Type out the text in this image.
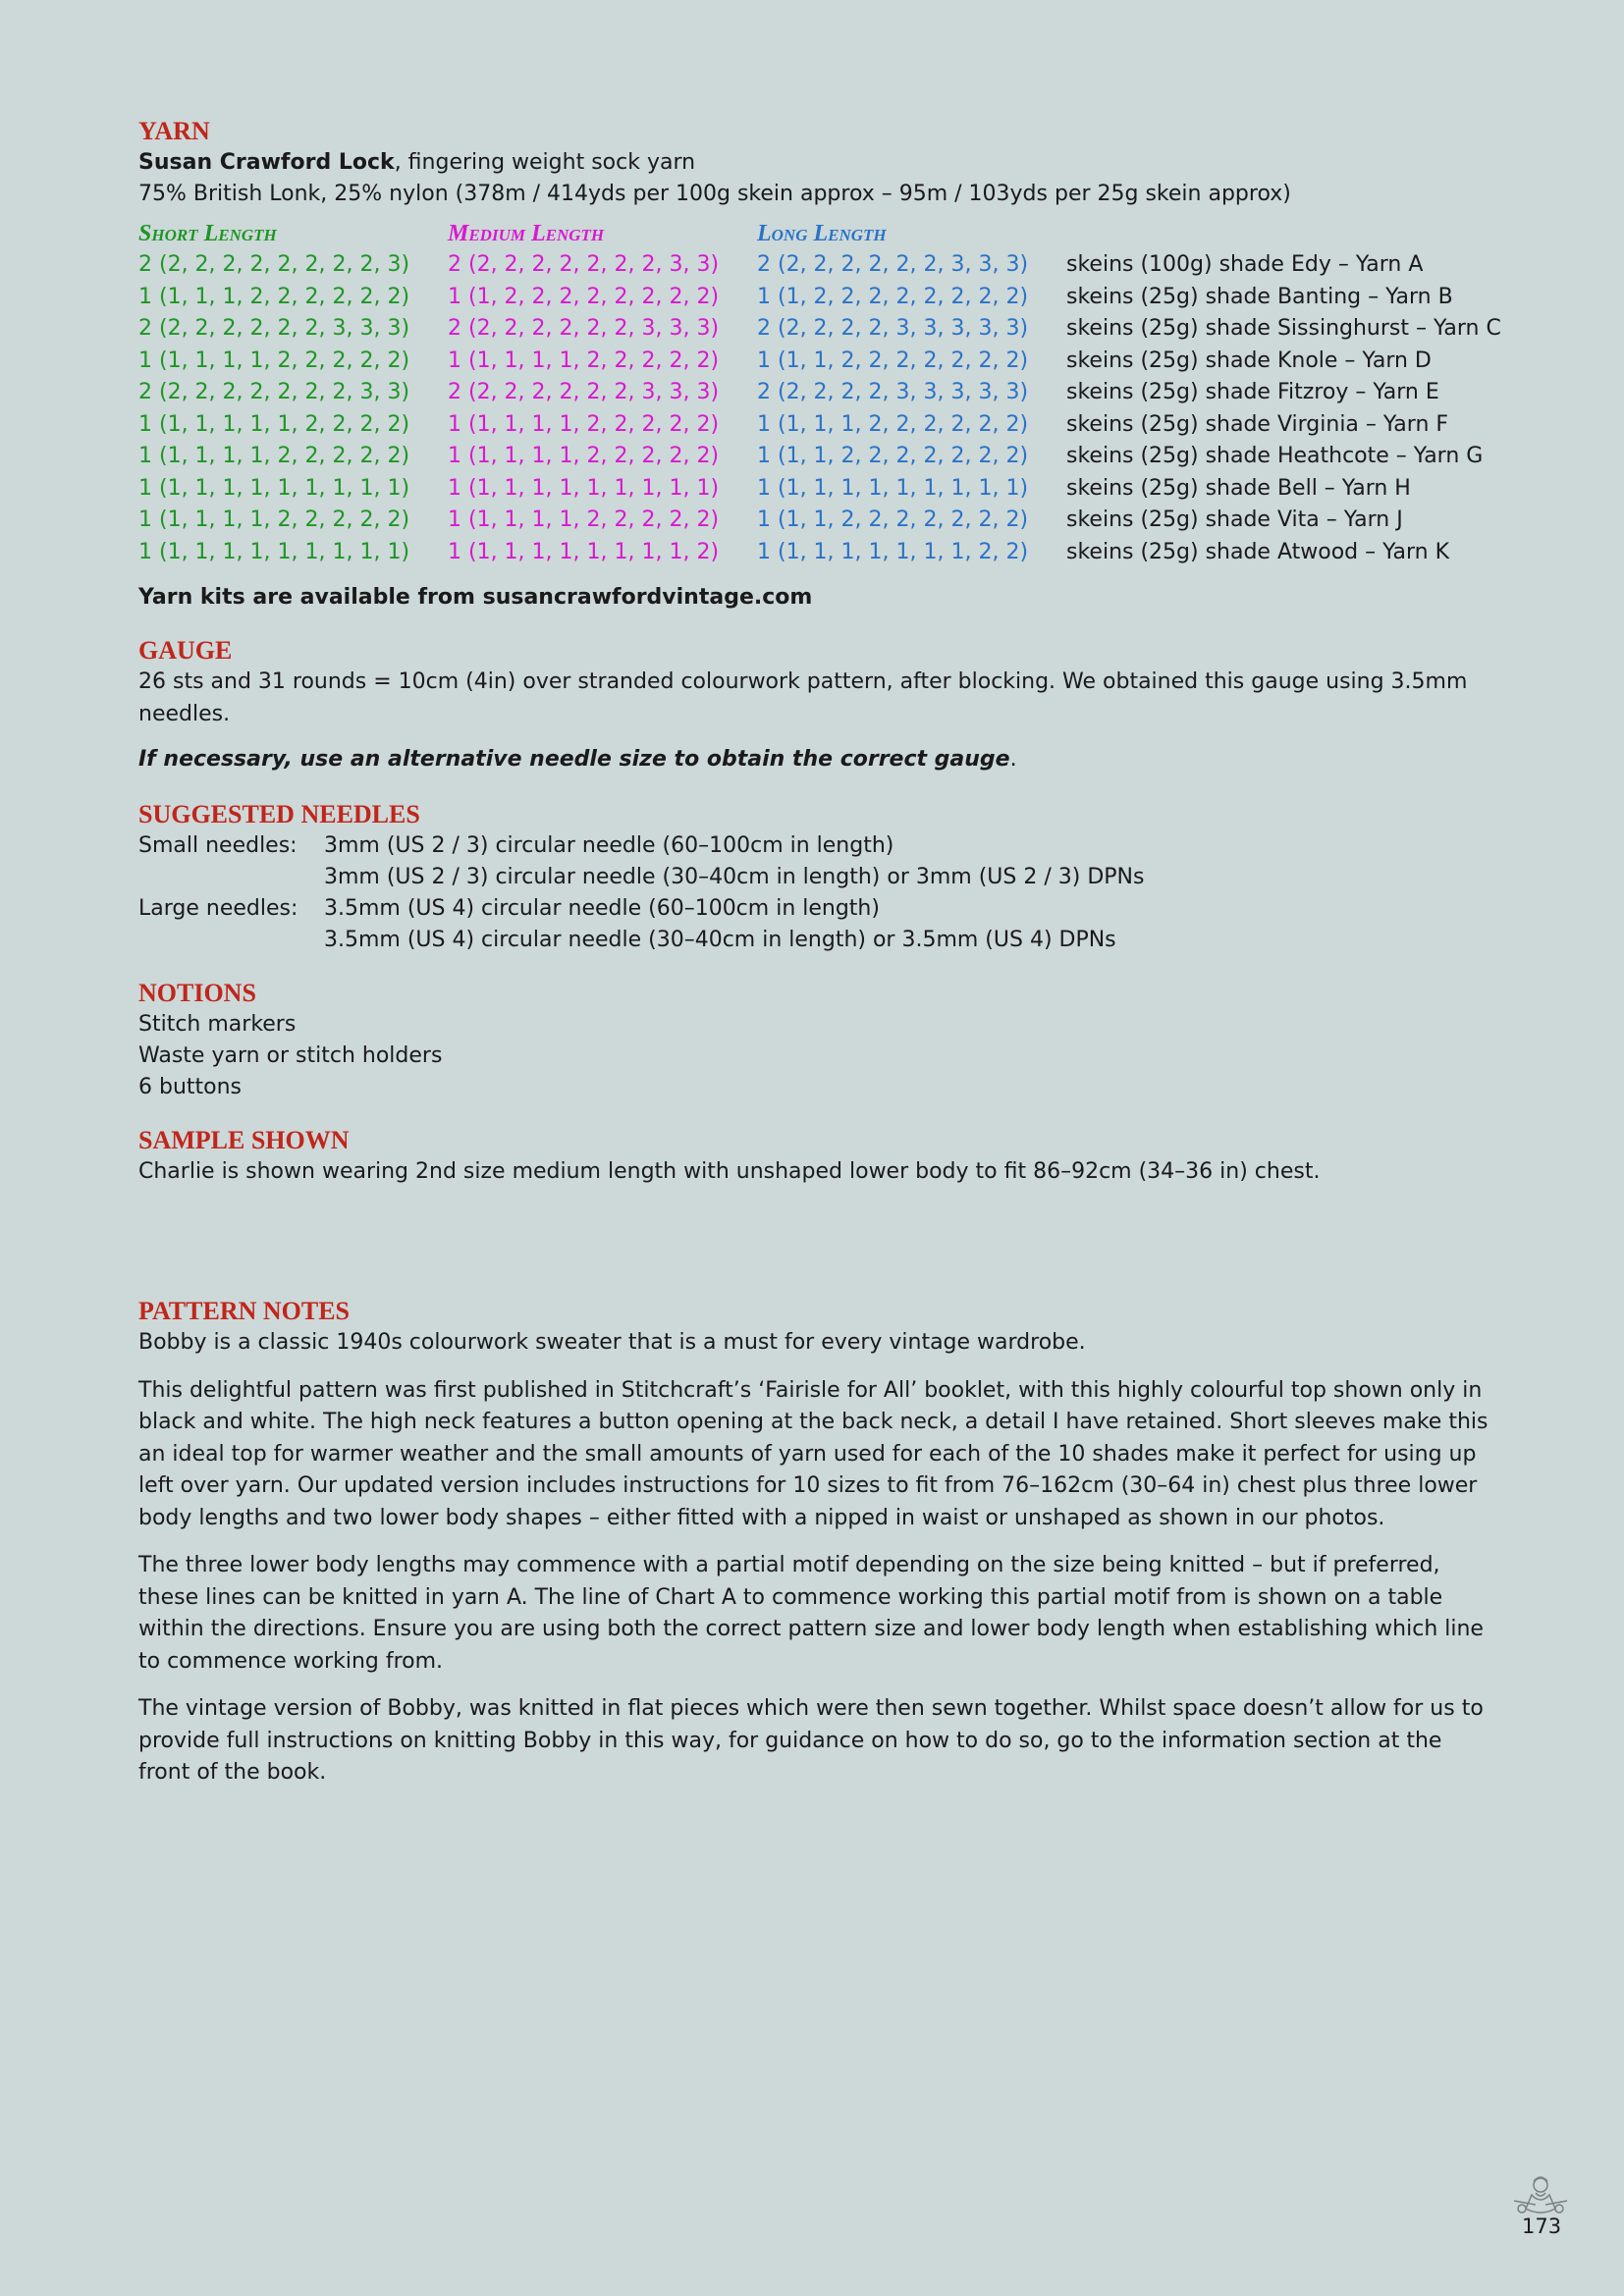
YARN

Susan Crawford Lock, fingering weight sock yarn

75% British Lonk, 25% nylon (378m / 414yds per 100g skein approx – 95m / 103yds per 25g skein approx)

Short Length	Medium Length	Long Length
2 (2, 2, 2, 2, 2, 2, 2, 2, 3)	2 (2, 2, 2, 2, 2, 2, 2, 3, 3)	2 (2, 2, 2, 2, 2, 2, 3, 3, 3)	skeins (100g) shade Edy – Yarn A
1 (1, 1, 1, 2, 2, 2, 2, 2, 2)	1 (1, 2, 2, 2, 2, 2, 2, 2, 2)	1 (1, 2, 2, 2, 2, 2, 2, 2, 2)	skeins (25g) shade Banting – Yarn B
2 (2, 2, 2, 2, 2, 2, 3, 3, 3)	2 (2, 2, 2, 2, 2, 2, 3, 3, 3)	2 (2, 2, 2, 2, 3, 3, 3, 3, 3)	skeins (25g) shade Sissinghurst – Yarn C
1 (1, 1, 1, 1, 2, 2, 2, 2, 2)	1 (1, 1, 1, 1, 2, 2, 2, 2, 2)	1 (1, 1, 2, 2, 2, 2, 2, 2, 2)	skeins (25g) shade Knole – Yarn D
2 (2, 2, 2, 2, 2, 2, 2, 3, 3)	2 (2, 2, 2, 2, 2, 2, 3, 3, 3)	2 (2, 2, 2, 2, 3, 3, 3, 3, 3)	skeins (25g) shade Fitzroy – Yarn E
1 (1, 1, 1, 1, 1, 2, 2, 2, 2)	1 (1, 1, 1, 1, 2, 2, 2, 2, 2)	1 (1, 1, 1, 2, 2, 2, 2, 2, 2)	skeins (25g) shade Virginia – Yarn F
1 (1, 1, 1, 1, 2, 2, 2, 2, 2)	1 (1, 1, 1, 1, 2, 2, 2, 2, 2)	1 (1, 1, 2, 2, 2, 2, 2, 2, 2)	skeins (25g) shade Heathcote – Yarn G
1 (1, 1, 1, 1, 1, 1, 1, 1, 1)	1 (1, 1, 1, 1, 1, 1, 1, 1, 1)	1 (1, 1, 1, 1, 1, 1, 1, 1, 1)	skeins (25g) shade Bell – Yarn H
1 (1, 1, 1, 1, 2, 2, 2, 2, 2)	1 (1, 1, 1, 1, 2, 2, 2, 2, 2)	1 (1, 1, 2, 2, 2, 2, 2, 2, 2)	skeins (25g) shade Vita – Yarn J
1 (1, 1, 1, 1, 1, 1, 1, 1, 1)	1 (1, 1, 1, 1, 1, 1, 1, 1, 2)	1 (1, 1, 1, 1, 1, 1, 1, 2, 2)	skeins (25g) shade Atwood – Yarn K

Yarn kits are available from susancrawfordvintage.com

GAUGE

26 sts and 31 rounds = 10cm (4in) over stranded colourwork pattern, after blocking. We obtained this gauge using 3.5mm needles.

If necessary, use an alternative needle size to obtain the correct gauge.

SUGGESTED NEEDLES
Small needles:	3mm (US 2 / 3) circular needle (60–100cm in length)
3mm (US 2 / 3) circular needle (30–40cm in length) or 3mm (US 2 / 3) DPNs
Large needles:	3.5mm (US 4) circular needle (60–100cm in length)
3.5mm (US 4) circular needle (30–40cm in length) or 3.5mm (US 4) DPNs
NOTIONS

Stitch markers

Waste yarn or stitch holders

6 buttons

SAMPLE SHOWN

Charlie is shown wearing 2nd size medium length with unshaped lower body to fit 86–92cm (34–36 in) chest.

PATTERN NOTES

Bobby is a classic 1940s colourwork sweater that is a must for every vintage wardrobe.

This delightful pattern was first published in Stitchcraft’s ‘Fairisle for All’ booklet, with this highly colourful top shown only in black and white. The high neck features a button opening at the back neck, a detail I have retained. Short sleeves make this an ideal top for warmer weather and the small amounts of yarn used for each of the 10 shades make it perfect for using up left over yarn. Our updated version includes instructions for 10 sizes to fit from 76–162cm (30–64 in) chest plus three lower body lengths and two lower body shapes – either fitted with a nipped in waist or unshaped as shown in our photos.

The three lower body lengths may commence with a partial motif depending on the size being knitted – but if preferred, these lines can be knitted in yarn A. The line of Chart A to commence working this partial motif from is shown on a table within the directions. Ensure you are using both the correct pattern size and lower body length when establishing which line to commence working from.

The vintage version of Bobby, was knitted in flat pieces which were then sewn together. Whilst space doesn’t allow for us to provide full instructions on knitting Bobby in this way, for guidance on how to do so, go to the information section at the front of the book.

173
